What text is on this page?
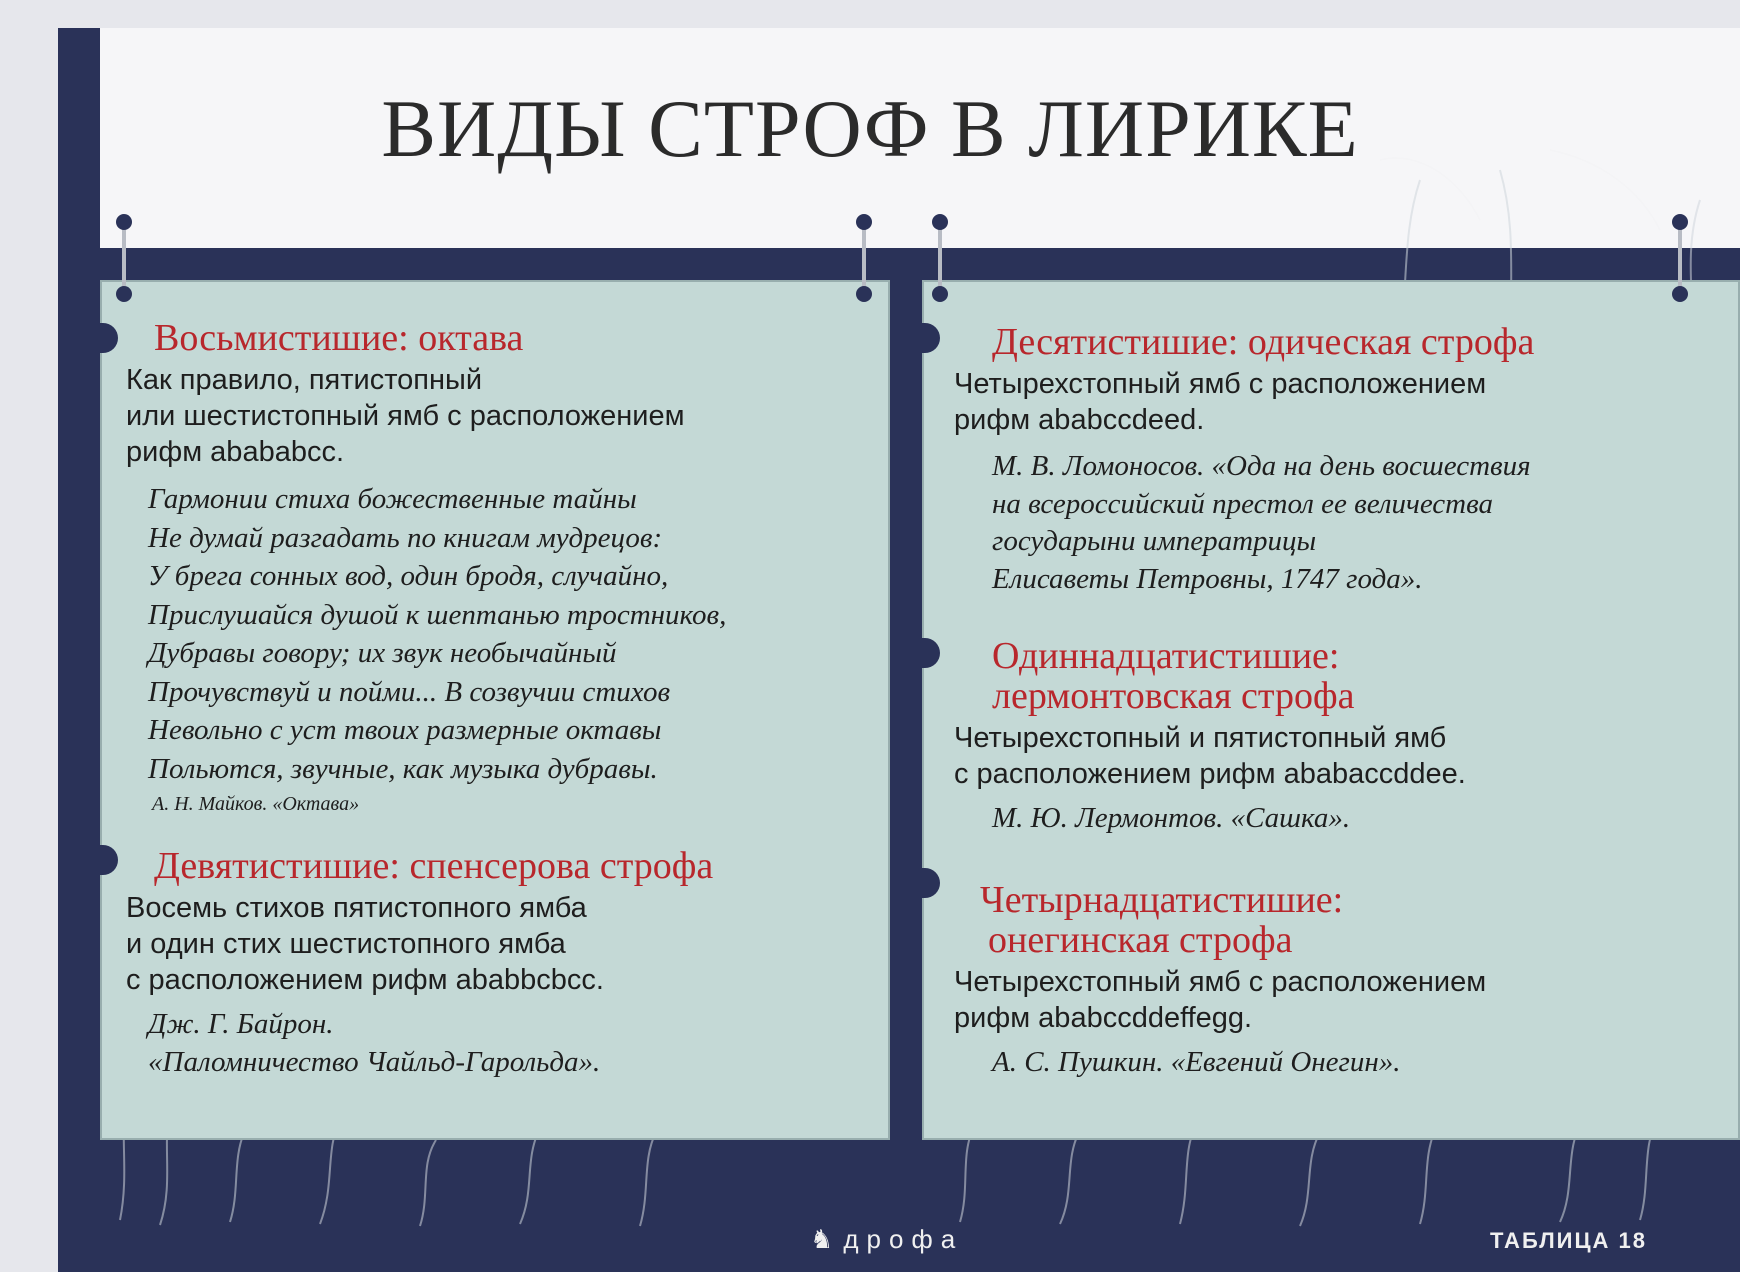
ВИДЫ СТРОФ В ЛИРИКЕ

Восьмистишие: октава

Как правило, пятистопный
или шестистопный ямб с расположением
рифм abababcc.

Гармонии стиха божественные тайны
Не думай разгадать по книгам мудрецов:
У брега сонных вод, один бродя, случайно,
Прислушайся душой к шептанью тростников,
Дубравы говору; их звук необычайный
Прочувствуй и пойми... В созвучии стихов
Невольно с уст твоих размерные октавы
Польются, звучные, как музыка дубравы.

А. Н. Майков. «Октава»

Девятистишие: спенсерова строфа

Восемь стихов пятистопного ямба
и один стих шестистопного ямба
с расположением рифм ababbcbcc.

Дж. Г. Байрон.
«Паломничество Чайльд-Гарольда».

Десятистишие: одическая строфа

Четырехстопный ямб с расположением
рифм ababccdeed.

М. В. Ломоносов. «Ода на день восшествия
на всероссийский престол ее величества
государыни императрицы
Елисаветы Петровны, 1747 года».

Одиннадцатистишие:
лермонтовская строфа

Четырехстопный и пятистопный ямб
с расположением рифм ababaccddee.

М. Ю. Лермонтов. «Сашка».

Четырнадцатистишие:
онегинская строфа

Четырехстопный ямб с расположением
рифм ababccddeffegg.

А. С. Пушкин. «Евгений Онегин».

♞ дрофа	ТАБЛИЦА 18
